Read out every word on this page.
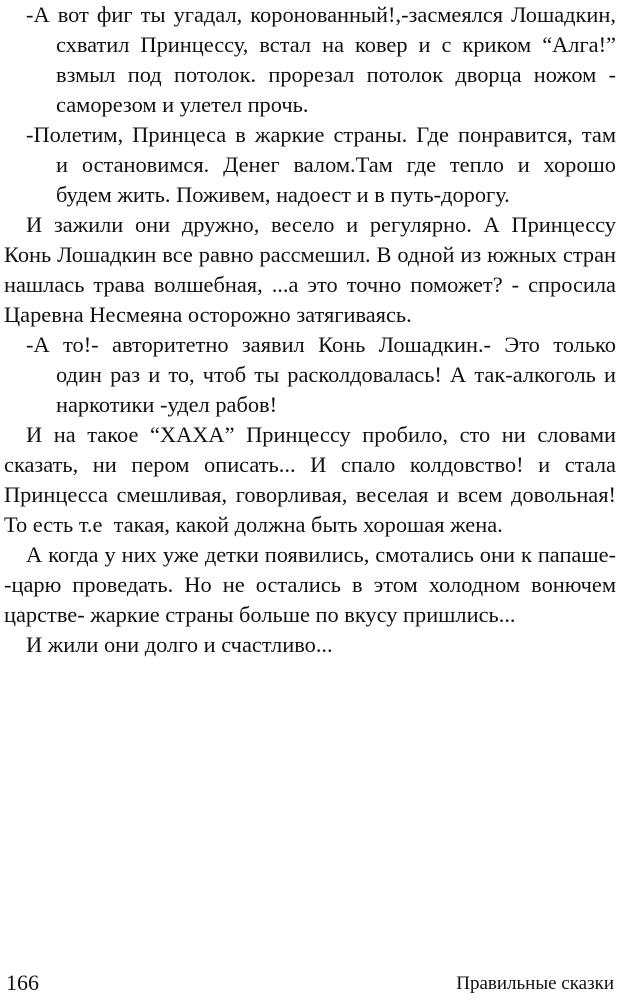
-А вот фиг ты угадал, коронованный!,-засмеялся Лошадкин,
схватил Принцессу, встал на ковер и с криком “Алга!”
взмыл под потолок. прорезал потолок дворца ножом -
саморезом и улетел прочь.
-Полетим, Принцеса в жаркие страны. Где понравится, там
и остановимся. Денег валом.Там где тепло и хорошо
будем жить. Поживем, надоест и в путь-дорогу.
И зажили они дружно, весело и регулярно. А Принцессу
Конь Лошадкин все равно рассмешил. В одной из южных стран
нашлась трава волшебная, ...а это точно поможет? - спросила
Царевна Несмеяна осторожно затягиваясь.
-А то!- авторитетно заявил Конь Лошадкин.- Это только
один раз и то, чтоб ты расколдовалась! А так-алкоголь и
наркотики -удел рабов!
И на такое “ХАХА” Принцессу пробило, сто ни словами
сказать, ни пером описать... И спало колдовство! и стала
Принцесса смешливая, говорливая, веселая и всем довольная!
То есть т.е  такая, какой должна быть хорошая жена.
А когда у них уже детки появились, смотались они к папаше-
-царю проведать. Но не остались в этом холодном вонючем
царстве- жаркие страны больше по вкусу пришлись...
И жили они долго и счастливо...
166	Правильные сказки
